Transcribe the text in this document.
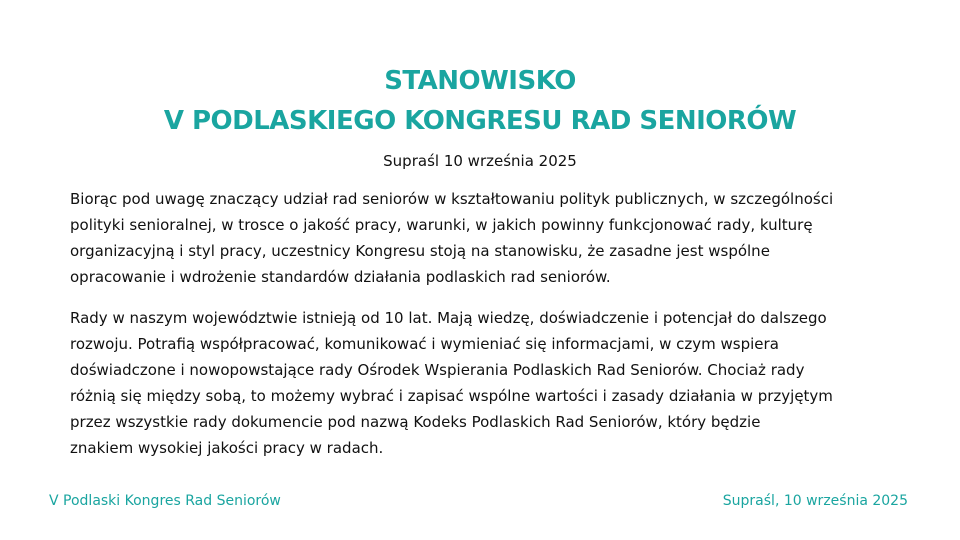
STANOWISKO
V PODLASKIEGO KONGRESU RAD SENIORÓW
Supraśl 10 września 2025
Biorąc pod uwagę znaczący udział rad seniorów w kształtowaniu polityk publicznych, w szczególności
polityki senioralnej, w trosce o jakość pracy, warunki, w jakich powinny funkcjonować rady, kulturę
organizacyjną i styl pracy, uczestnicy Kongresu stoją na stanowisku, że zasadne jest wspólne
opracowanie i wdrożenie standardów działania podlaskich rad seniorów.
Rady w naszym województwie istnieją od 10 lat. Mają wiedzę, doświadczenie i potencjał do dalszego
rozwoju. Potrafią współpracować, komunikować i wymieniać się informacjami, w czym wspiera
doświadczone i nowopowstające rady Ośrodek Wspierania Podlaskich Rad Seniorów. Chociaż rady
różnią się między sobą, to możemy wybrać i zapisać wspólne wartości i zasady działania w przyjętym
przez wszystkie rady dokumencie pod nazwą Kodeks Podlaskich Rad Seniorów, który będzie
znakiem wysokiej jakości pracy w radach.
V Podlaski Kongres Rad Seniorów	Supraśl, 10 września 2025
